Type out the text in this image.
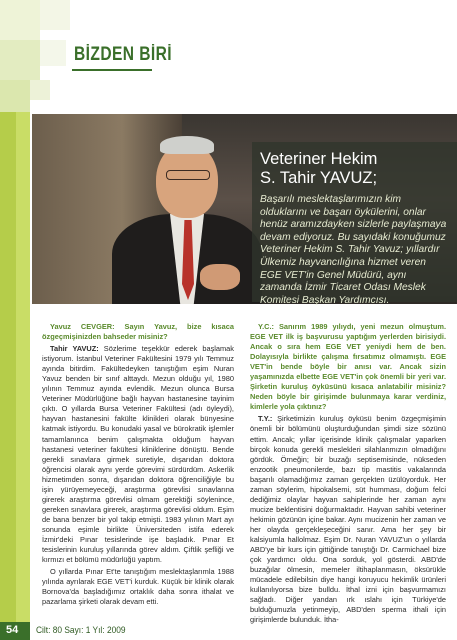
BİZDEN BİRİ
Veteriner Hekim
S. Tahir YAVUZ;
Başarılı meslektaşlarımızın kim olduklarını ve başarı öykülerini, onlar henüz aramızdayken sizlerle paylaşmaya devam ediyoruz. Bu sayıdaki konuğumuz Veteriner Hekim S. Tahir Yavuz; yıllardır Ülkemiz hayvancılığına hizmet veren EGE VET'in Genel Müdürü, aynı zamanda İzmir Ticaret Odası Meslek Komitesi Başkan Yardımcısı.

Yavuz CEVGER: Sayın Yavuz, bize kısaca özgeçmişinizden bahseder misiniz?

Tahir YAVUZ: Sözlerime teşekkür ederek başlamak istiyorum. İstanbul Veteriner Fakültesini 1979 yılı Temmuz ayında bitirdim. Fakültedeyken tanıştığım eşim Nuran Yavuz benden bir sınıf alttaydı. Mezun olduğu yıl, 1980 yılının Temmuz ayında evlendik. Mezun olunca Bursa Veteriner Müdürlüğüne bağlı hayvan hastanesine tayinim çıktı. O yıllarda Bursa Veteriner Fakültesi (adı öyleydi), hayvan hastanesini fakülte klinikleri olarak bünyesine katmak istiyordu. Bu konudaki yasal ve bürokratik işlemler tamamlanınca benim çalışmakta olduğum hayvan hastanesi veteriner fakültesi kliniklerine dönüştü. Bende gerekli sınavlara girmek suretiyle, dışarıdan doktora öğrencisi olarak aynı yerde görevimi sürdürdüm. Askerlik hizmetimden sonra, dışarıdan doktora öğrenciliğiyle bu işin yürüyemeyeceği, araştırma görevlisi sınavlarına girerek araştırma görevlisi olmam gerektiği söylenince, gereken sınavlara girerek, araştırma görevlisi oldum. Eşim de bana benzer bir yol takip etmişti. 1983 yılının Mart ayı sonunda eşimle birlikte Üniversiteden istifa ederek İzmir'deki Pınar tesislerinde işe başladık. Pınar Et tesislerinin kuruluş yıllarında görev aldım. Çiftlik şefliği ve kırmızı et bölümü müdürlüğü yaptım.

O yıllarda Pınar Et'te tanıştığım meslektaşlarımla 1988 yılında ayrılarak EGE VET'i kurduk. Küçük bir klinik olarak Bornova'da başladığımız ortaklık daha sonra ithalat ve pazarlama şirketi olarak devam etti.

Y.C.: Sanırım 1989 yılıydı, yeni mezun olmuştum. EGE VET ilk iş başvurusu yaptığım yerlerden birisiydi. Ancak o sıra hem EGE VET yeniydi hem de ben. Dolayısıyla birlikte çalışma fırsatımız olmamıştı. EGE VET'in bende böyle bir anısı var. Ancak sizin yaşamınızda elbette EGE VET'in çok önemli bir yeri var. Şirketin kuruluş öyküsünü kısaca anlatabilir misiniz? Neden böyle bir girişimde bulunmaya karar verdiniz, kimlerle yola çıktınız?

T.Y.: Şirketimizin kuruluş öyküsü benim özgeçmişimin önemli bir bölümünü oluşturduğundan şimdi size sözünü ettim. Ancak; yıllar içerisinde klinik çalışmalar yaparken birçok konuda gerekli meslekleri silahlanmızın olmadığını gördük. Örneğin; bir buzağı septisemisinde, nükseden enzootik pneumonilerde, bazı tip mastitis vakalarında başarılı olamadığımız zaman gerçekten üzülüyorduk. Her zaman söylerim, hipokalsemi, süt humması, doğum felci dediğimiz olaylar hayvan sahiplerinde her zaman aynı mucize beklentisini doğurmaktadır. Hayvan sahibi veteriner hekimin gözünün içine bakar. Aynı mucizenin her zaman ve her olayda gerçekleşeceğini sanır. Ama her şey bir kalsiyumla hallolmaz. Eşim Dr. Nuran YAVUZ'un o yıllarda ABD'ye bir kurs için gittiğinde tanıştığı Dr. Carmichael bize çok yardımcı oldu. Ona sorduk, yol gösterdi. ABD'de buzağılar ölmesin, memeler iltihaplanmasın, öksürükle mücadele edilebilsin diye hangi koruyucu hekimlik ürünleri kullanılıyorsa bize bulldu. İthal izni için başvurmamızı sağladı. Diğer yandan ırk ıslahı için Türkiye'de bulduğumuzla yetinmeyip, ABD'den sperma ithali için girişimlerde bulunduk. İtha-

54 Cilt: 80 Sayı: 1 Yıl: 2009
